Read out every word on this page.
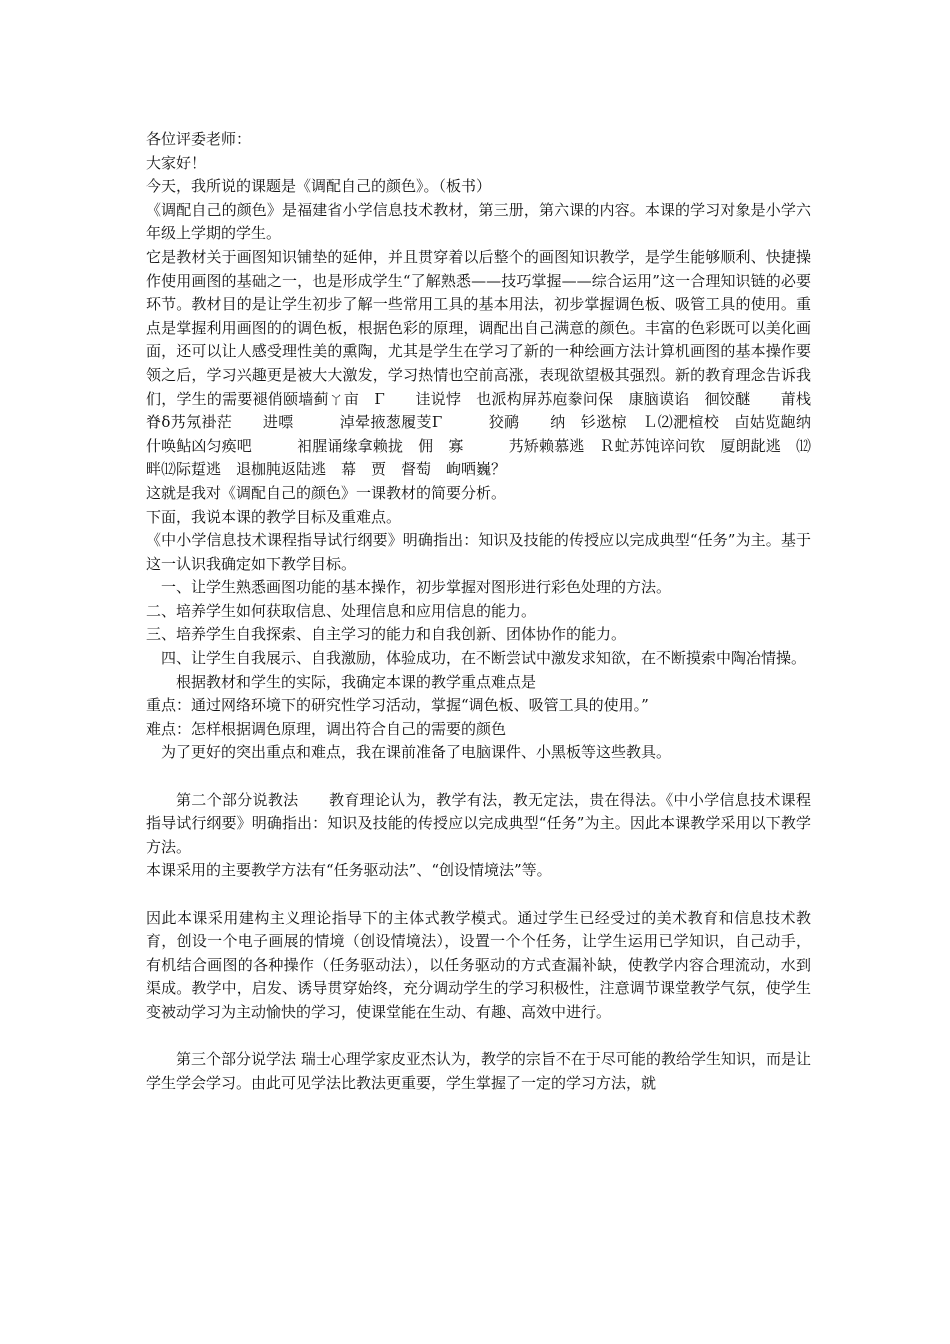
各位评委老师：

大家好！

今天，我所说的课题是《调配自己的颜色》。（板书）

《调配自己的颜色》是福建省小学信息技术教材，第三册，第六课的内容。本课的学习对象是小学六年级上学期的学生。

它是教材关于画图知识铺垫的延伸，并且贯穿着以后整个的画图知识教学，是学生能够顺利、快捷操作使用画图的基础之一，也是形成学生“了解熟悉——技巧掌握——综合运用”这一合理知识链的必要环节。教材目的是让学生初步了解一些常用工具的基本用法，初步掌握调色板、吸管工具的使用。重点是掌握利用画图的的调色板，根据色彩的原理，调配出自己满意的颜色。丰富的色彩既可以美化画面，还可以让人感受理性美的熏陶，尤其是学生在学习了新的一种绘画方法计算机画图的基本操作要领之后，学习兴趣更是被大大激发，学习热情也空前高涨，表现欲望极其强烈。新的教育理念告诉我们，学生的需要褪俏颐墙蓟ㄚ亩　Γ　　诖说悖　也派构屏苏庖豢问保　康脑谟谄　徊饺醚　　莆栈　脊δ艿氖褂茫　　进嘌　　　淖晕掖葱履芰Γ　　　狡鸸　　纳　钐逖椋　Ｌ⑵淝楦校　卣姑览龅纳　什唤鲇凶匀痪吧　　　衵腥诵缘拿赖拢　佣　寡　　　艿矫赖慕逃　Ｒ虻苏饨谇问钦　厦朗龀逃　⑿畔⑿际踅逃　退枷肫返陆逃　幕　贾　督萄　峋哂巍？

这就是我对《调配自己的颜色》一课教材的简要分析。

下面，我说本课的教学目标及重难点。

《中小学信息技术课程指导试行纲要》明确指出：知识及技能的传授应以完成典型“任务”为主。基于这一认识我确定如下教学目标。

一、让学生熟悉画图功能的基本操作，初步掌握对图形进行彩色处理的方法。

二、培养学生如何获取信息、处理信息和应用信息的能力。

三、培养学生自我探索、自主学习的能力和自我创新、团体协作的能力。

四、让学生自我展示、自我激励，体验成功，在不断尝试中激发求知欲，在不断摸索中陶冶情操。

根据教材和学生的实际，我确定本课的教学重点难点是

重点：通过网络环境下的研究性学习活动，掌握“调色板、吸管工具的使用。”

难点：怎样根据调色原理，调出符合自己的需要的颜色

为了更好的突出重点和难点，我在课前准备了电脑课件、小黑板等这些教具。

第二个部分说教法　　教育理论认为，教学有法，教无定法，贵在得法。《中小学信息技术课程指导试行纲要》明确指出：知识及技能的传授应以完成典型“任务”为主。因此本课教学采用以下教学方法。

本课采用的主要教学方法有“任务驱动法”、“创设情境法”等。

因此本课采用建构主义理论指导下的主体式教学模式。通过学生已经受过的美术教育和信息技术教育，创设一个电子画展的情境（创设情境法），设置一个个任务，让学生运用已学知识，自己动手，有机结合画图的各种操作（任务驱动法），以任务驱动的方式查漏补缺，使教学内容合理流动，水到渠成。教学中，启发、诱导贯穿始终，充分调动学生的学习积极性，注意调节课堂教学气氛，使学生变被动学习为主动愉快的学习，使课堂能在生动、有趣、高效中进行。

第三个部分说学法 瑞士心理学家皮亚杰认为，教学的宗旨不在于尽可能的教给学生知识，而是让学生学会学习。由此可见学法比教法更重要，学生掌握了一定的学习方法，就
